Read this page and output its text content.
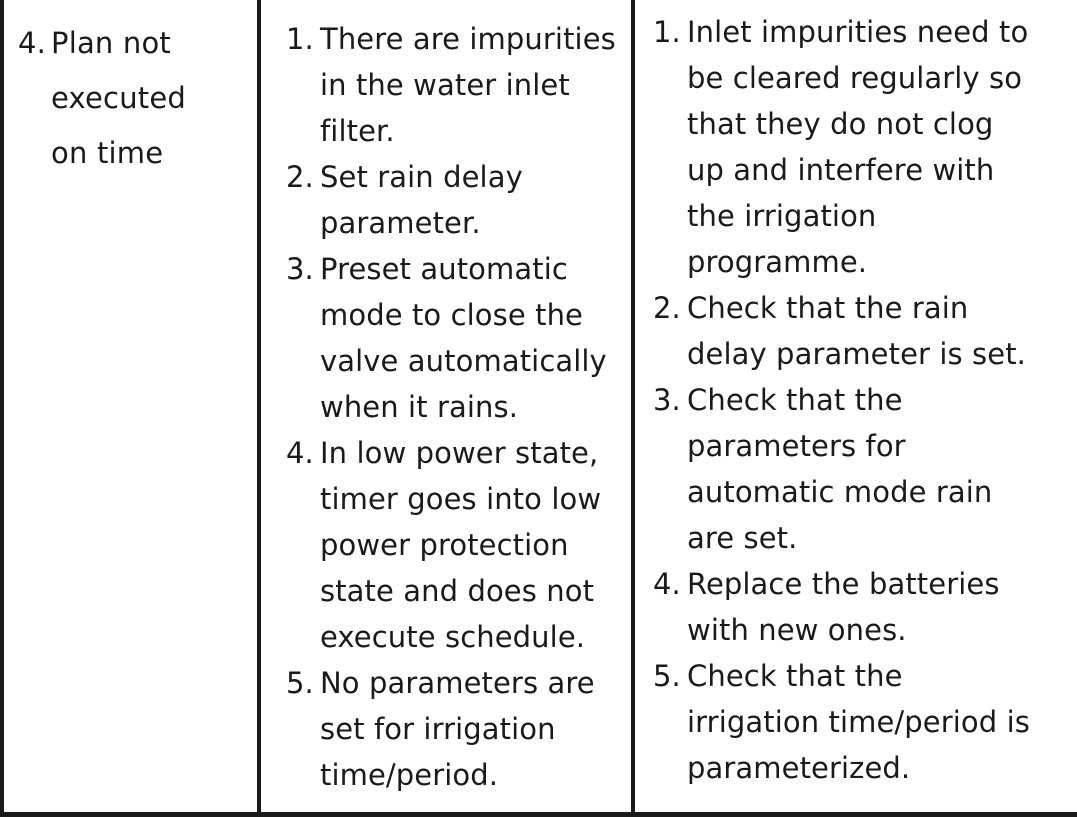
4. Plan not
executed
on time
1. There are impurities in the water inlet filter.
2. Set rain delay parameter.
3. Preset automatic mode to close the valve automatically when it rains.
4. In low power state, timer goes into low power protection state and does not execute schedule.
5. No parameters are set for irrigation time/period.
1. Inlet impurities need to be cleared regularly so that they do not clog up and interfere with the irrigation programme.
2. Check that the rain delay parameter is set.
3. Check that the parameters for automatic mode rain are set.
4. Replace the batteries with new ones.
5. Check that the irrigation time/period is parameterized.
